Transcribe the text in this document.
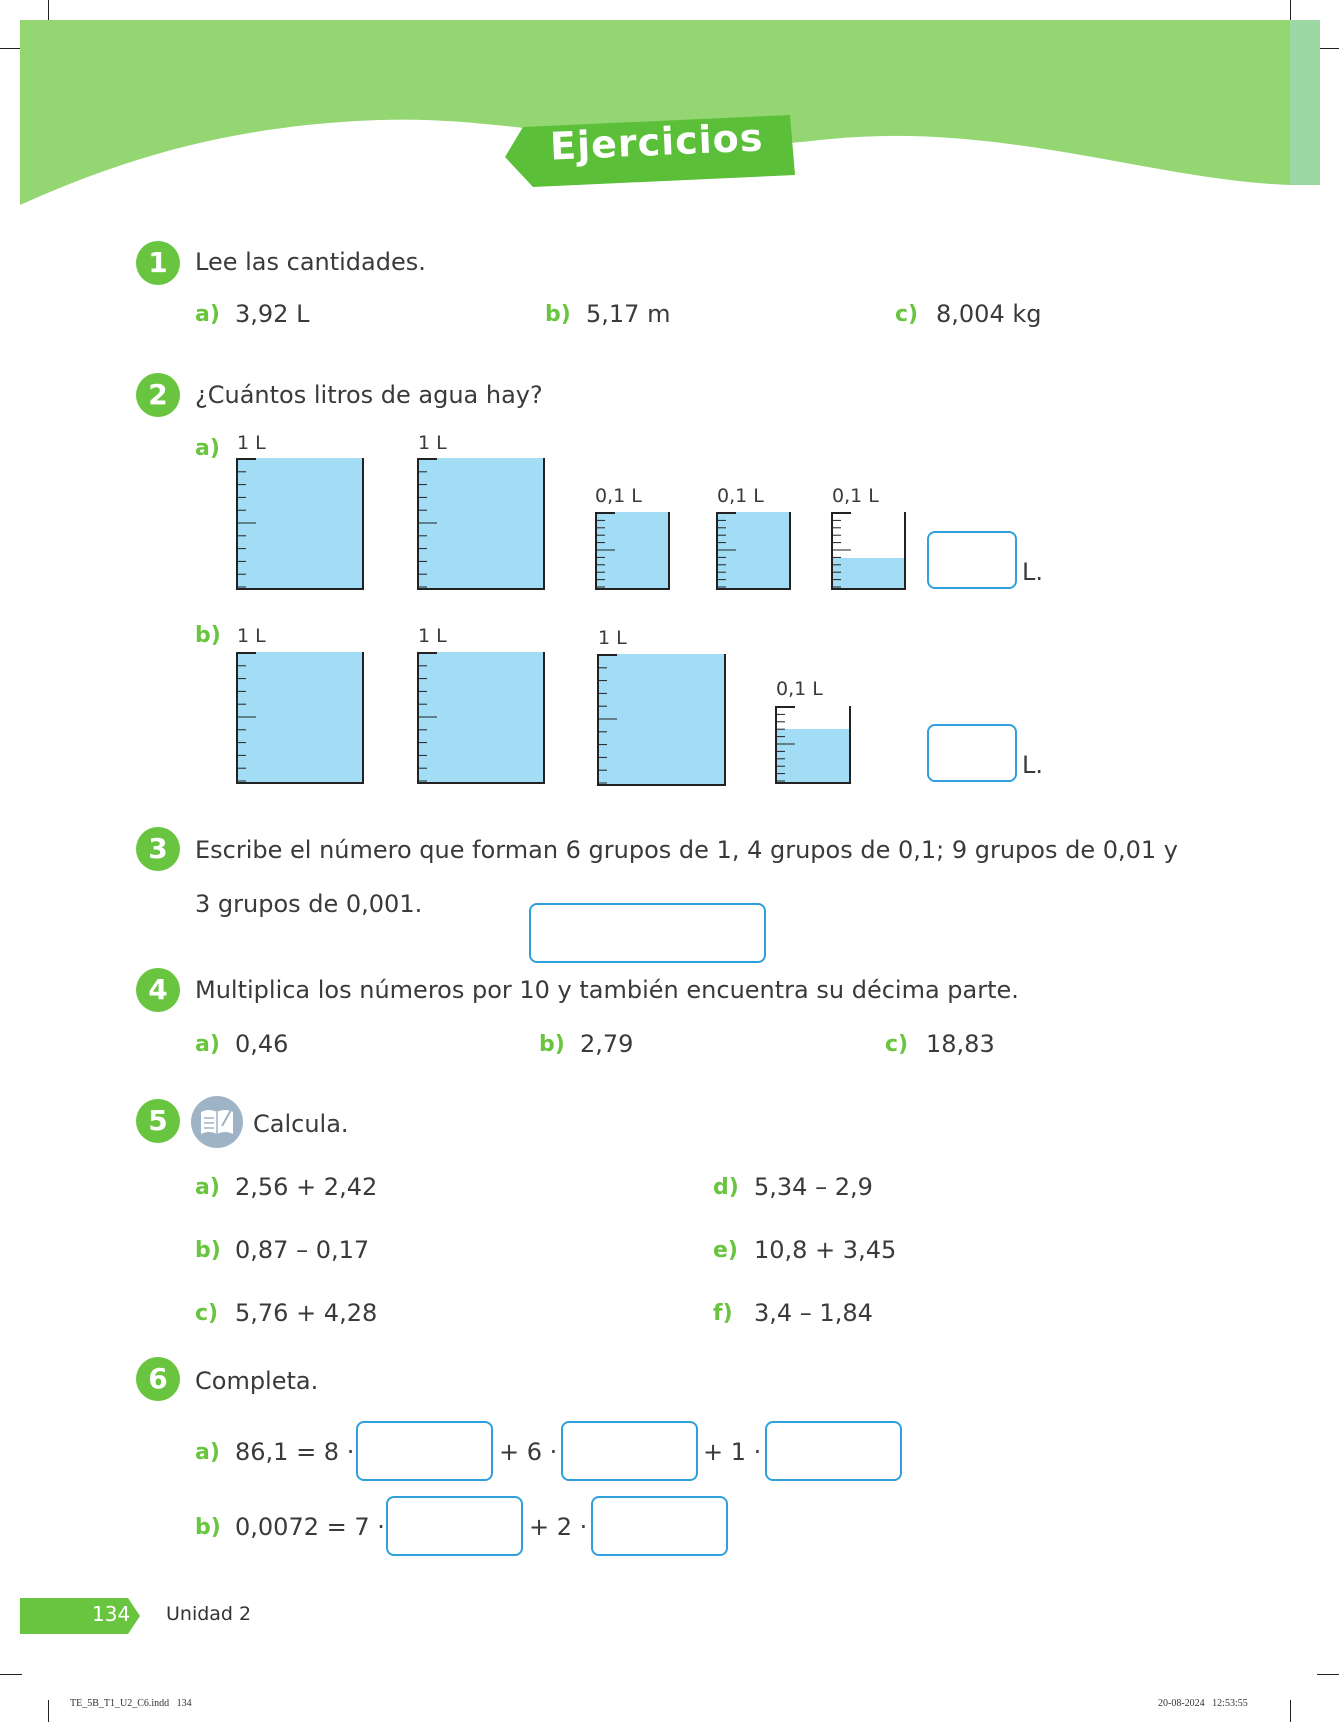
Ejercicios
1	Lee las cantidades.
a) 3,92 L	b) 5,17 m	c) 8,004 kg
2	¿Cuántos litros de agua hay?
a) 1 L	1 L
0,1 L	0,1 L	0,1 L
L.
b) 1 L	1 L	1 L
0,1 L
L.
3	Escribe el número que forman 6 grupos de 1, 4 grupos de 0,1; 9 grupos de 0,01 y
3 grupos de 0,001.
4	Multiplica los números por 10 y también encuentra su décima parte.
a) 0,46	b) 2,79	c) 18,83
5	Calcula.
a) 2,56 + 2,42
b) 0,87 – 0,17
c) 5,76 + 4,28
d) 5,34 – 2,9
e) 10,8 + 3,45
f) 3,4 – 1,84
6	Completa.
a) 86,1 = 8 ·	+ 6 ·	+ 1 ·
b) 0,0072 = 7 ·	+ 2 ·
134 Unidad 2
TE_5B_T1_U2_C6.indd   134	20-08-2024   12:53:55
